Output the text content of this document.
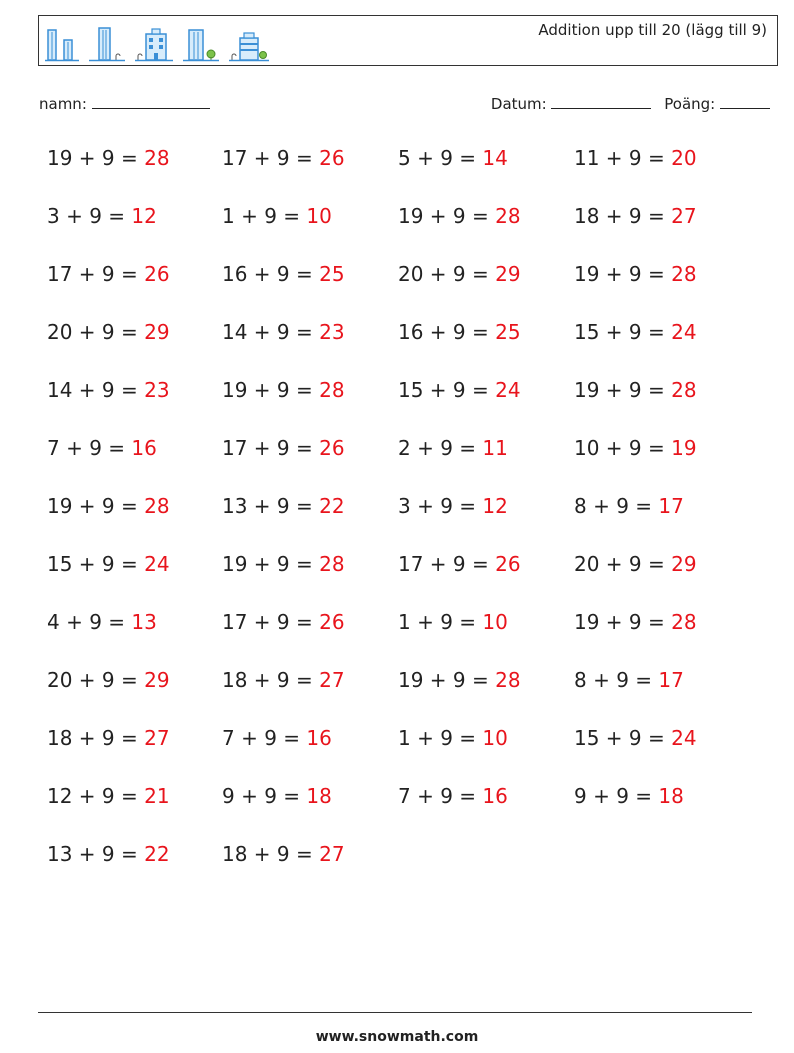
Addition upp till 20 (lägg till 9)
namn:	Datum:	Poäng:
19 + 9 = 28	17 + 9 = 26	5 + 9 = 14	11 + 9 = 20
3 + 9 = 12	1 + 9 = 10	19 + 9 = 28	18 + 9 = 27
17 + 9 = 26	16 + 9 = 25	20 + 9 = 29	19 + 9 = 28
20 + 9 = 29	14 + 9 = 23	16 + 9 = 25	15 + 9 = 24
14 + 9 = 23	19 + 9 = 28	15 + 9 = 24	19 + 9 = 28
7 + 9 = 16	17 + 9 = 26	2 + 9 = 11	10 + 9 = 19
19 + 9 = 28	13 + 9 = 22	3 + 9 = 12	8 + 9 = 17
15 + 9 = 24	19 + 9 = 28	17 + 9 = 26	20 + 9 = 29
4 + 9 = 13	17 + 9 = 26	1 + 9 = 10	19 + 9 = 28
20 + 9 = 29	18 + 9 = 27	19 + 9 = 28	8 + 9 = 17
18 + 9 = 27	7 + 9 = 16	1 + 9 = 10	15 + 9 = 24
12 + 9 = 21	9 + 9 = 18	7 + 9 = 16	9 + 9 = 18
13 + 9 = 22	18 + 9 = 27
www.snowmath.com
